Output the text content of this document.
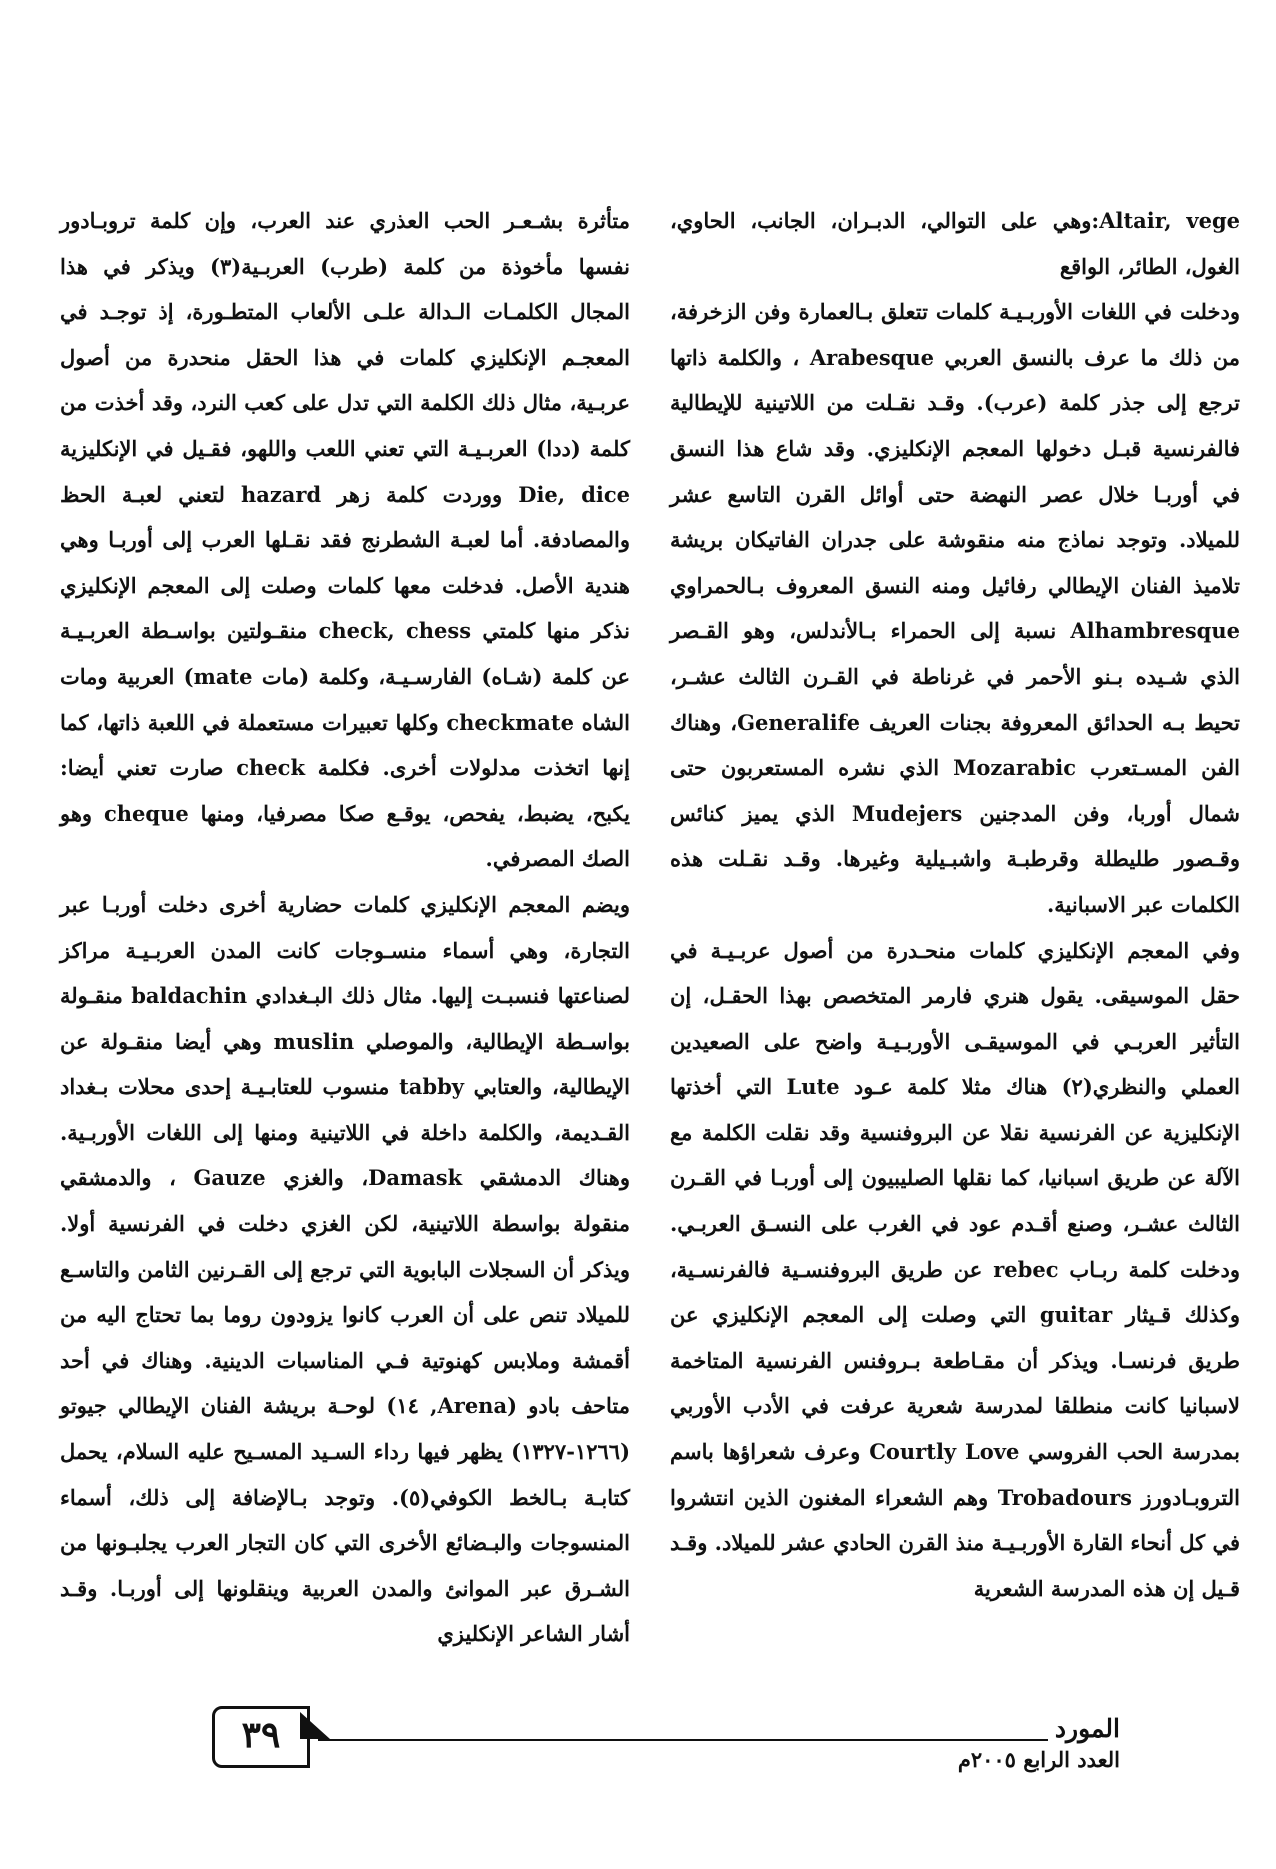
Altair, vege:وهي على التوالي، الدبـران، الجانب، الحاوي، الغول، الطائر، الواقع

ودخلت في اللغات الأوربـيـة كلمات تتعلق بـالعمارة وفن الزخرفة، من ذلك ما عرف بالنسق العربي Arabesque ، والكلمة ذاتها ترجع إلى جذر كلمة (عرب). وقـد نقـلت من اللاتينية للإيطالية فالفرنسية قبـل دخولها المعجم الإنكليزي. وقد شاع هذا النسق في أوربـا خلال عصر النهضة حتى أوائل القرن التاسع عشر للميلاد. وتوجد نماذج منه منقوشة على جدران الفاتيكان بريشة تلاميذ الفنان الإيطالي رفائيل ومنه النسق المعروف بـالحمراوي Alhambresque نسبة إلى الحمراء بـالأندلس، وهو القـصر الذي شـيده بـنو الأحمر في غرناطة في القـرن الثالث عشـر، تحيط بـه الحدائق المعروفة بجنات العريف Generalife، وهناك الفن المسـتعرب Mozarabic الذي نشره المستعربون حتى شمال أوربا، وفن المدجنين Mudejers الذي يميز كنائس وقـصور طليطلة وقرطبـة واشبـيلية وغيرها. وقـد نقـلت هذه الكلمات عبر الاسبانية.

وفي المعجم الإنكليزي كلمات منحـدرة من أصول عربـيـة في حقل الموسيقى. يقول هنري فارمر المتخصص بهذا الحقـل، إن التأثير العربـي في الموسيقـى الأوربـيـة واضح على الصعيدين العملي والنظري(٢) هناك مثلا كلمة عـود Lute التي أخذتها الإنكليزية عن الفرنسية نقلا عن البروفنسية وقد نقلت الكلمة مع الآلة عن طريق اسبانيا، كما نقلها الصليبيون إلى أوربـا في القـرن الثالث عشـر، وصنع أقـدم عود في الغرب على النسـق العربـي. ودخلت كلمة ربـاب rebec عن طريق البروفنسـية فالفرنسـية، وكذلك قـيثار guitar التي وصلت إلى المعجم الإنكليزي عن طريق فرنسـا. ويذكر أن مقـاطعة بـروفنس الفرنسية المتاخمة لاسبانيا كانت منطلقا لمدرسة شعرية عرفت في الأدب الأوربي بمدرسة الحب الفروسي Courtly Love وعرف شعراؤها باسم التروبـادورز Trobadours وهم الشعراء المغنون الذين انتشروا في كل أنحاء القارة الأوربـيـة منذ القرن الحادي عشر للميلاد. وقـد قـيل إن هذه المدرسة الشعرية

متأثرة بشـعـر الحب العذري عند العرب، وإن كلمة تروبـادور نفسها مأخوذة من كلمة (طرب) العربـية(٣) ويذكر في هذا المجال الكلمـات الـدالة علـى الألعاب المتطـورة، إذ توجـد في المعجـم الإنكليزي كلمات في هذا الحقل منحدرة من أصول عربـية، مثال ذلك الكلمة التي تدل على كعب النرد، وقد أخذت من كلمة (ددا) العربـيـة التي تعني اللعب واللهو، فقـيل في الإنكليزية Die, dice ووردت كلمة زهر hazard لتعني لعبـة الحظ والمصادفة. أما لعبـة الشطرنج فقد نقـلها العرب إلى أوربـا وهي هندية الأصل. فدخلت معها كلمات وصلت إلى المعجم الإنكليزي نذكر منها كلمتي check, chess منقـولتين بواسـطة العربـيـة عن كلمة (شـاه) الفارسـيـة، وكلمة (مات mate) العربية ومات الشاه checkmate وكلها تعبيرات مستعملة في اللعبة ذاتها، كما إنها اتخذت مدلولات أخرى. فكلمة check صارت تعني أيضا: يكبح، يضبط، يفحص، يوقـع صكا مصرفيا، ومنها cheque وهو الصك المصرفي.

ويضم المعجم الإنكليزي كلمات حضارية أخرى دخلت أوربـا عبر التجارة، وهي أسماء منسـوجات كانت المدن العربـيـة مراكز لصناعتها فنسبـت إليها. مثال ذلك البـغدادي baldachin منقـولة بواسـطة الإيطالية، والموصلي muslin وهي أيضا منقـولة عن الإيطالية، والعتابي tabby منسوب للعتابـيـة إحدى محلات بـغداد القـديمة، والكلمة داخلة في اللاتينية ومنها إلى اللغات الأوربـية. وهناك الدمشقي Damask، والغزي Gauze ، والدمشقي منقولة بواسطة اللاتينية، لكن الغزي دخلت في الفرنسية أولا. ويذكر أن السجلات البابوية التي ترجع إلى القـرنين الثامن والتاسـع للميلاد تنص على أن العرب كانوا يزودون روما بما تحتاج اليه من أقمشة وملابس كهنوتية فـي المناسبات الدينية. وهناك في أحد متاحف بادو (Arena, ١٤) لوحـة بريشة الفنان الإيطالي جيوتو (١٢٦٦-١٣٢٧) يظهر فيها رداء السـيد المسـيح عليه السلام، يحمل كتابـة بـالخط الكوفي(٥). وتوجد بـالإضافة إلى ذلك، أسماء المنسوجات والبـضائع الأخرى التي كان التجار العرب يجلبـونها من الشـرق عبر الموانئ والمدن العربية وينقلونها إلى أوربـا. وقـد أشار الشاعر الإنكليزي

٣٩	المورد
العدد الرابع ٢٠٠٥م
